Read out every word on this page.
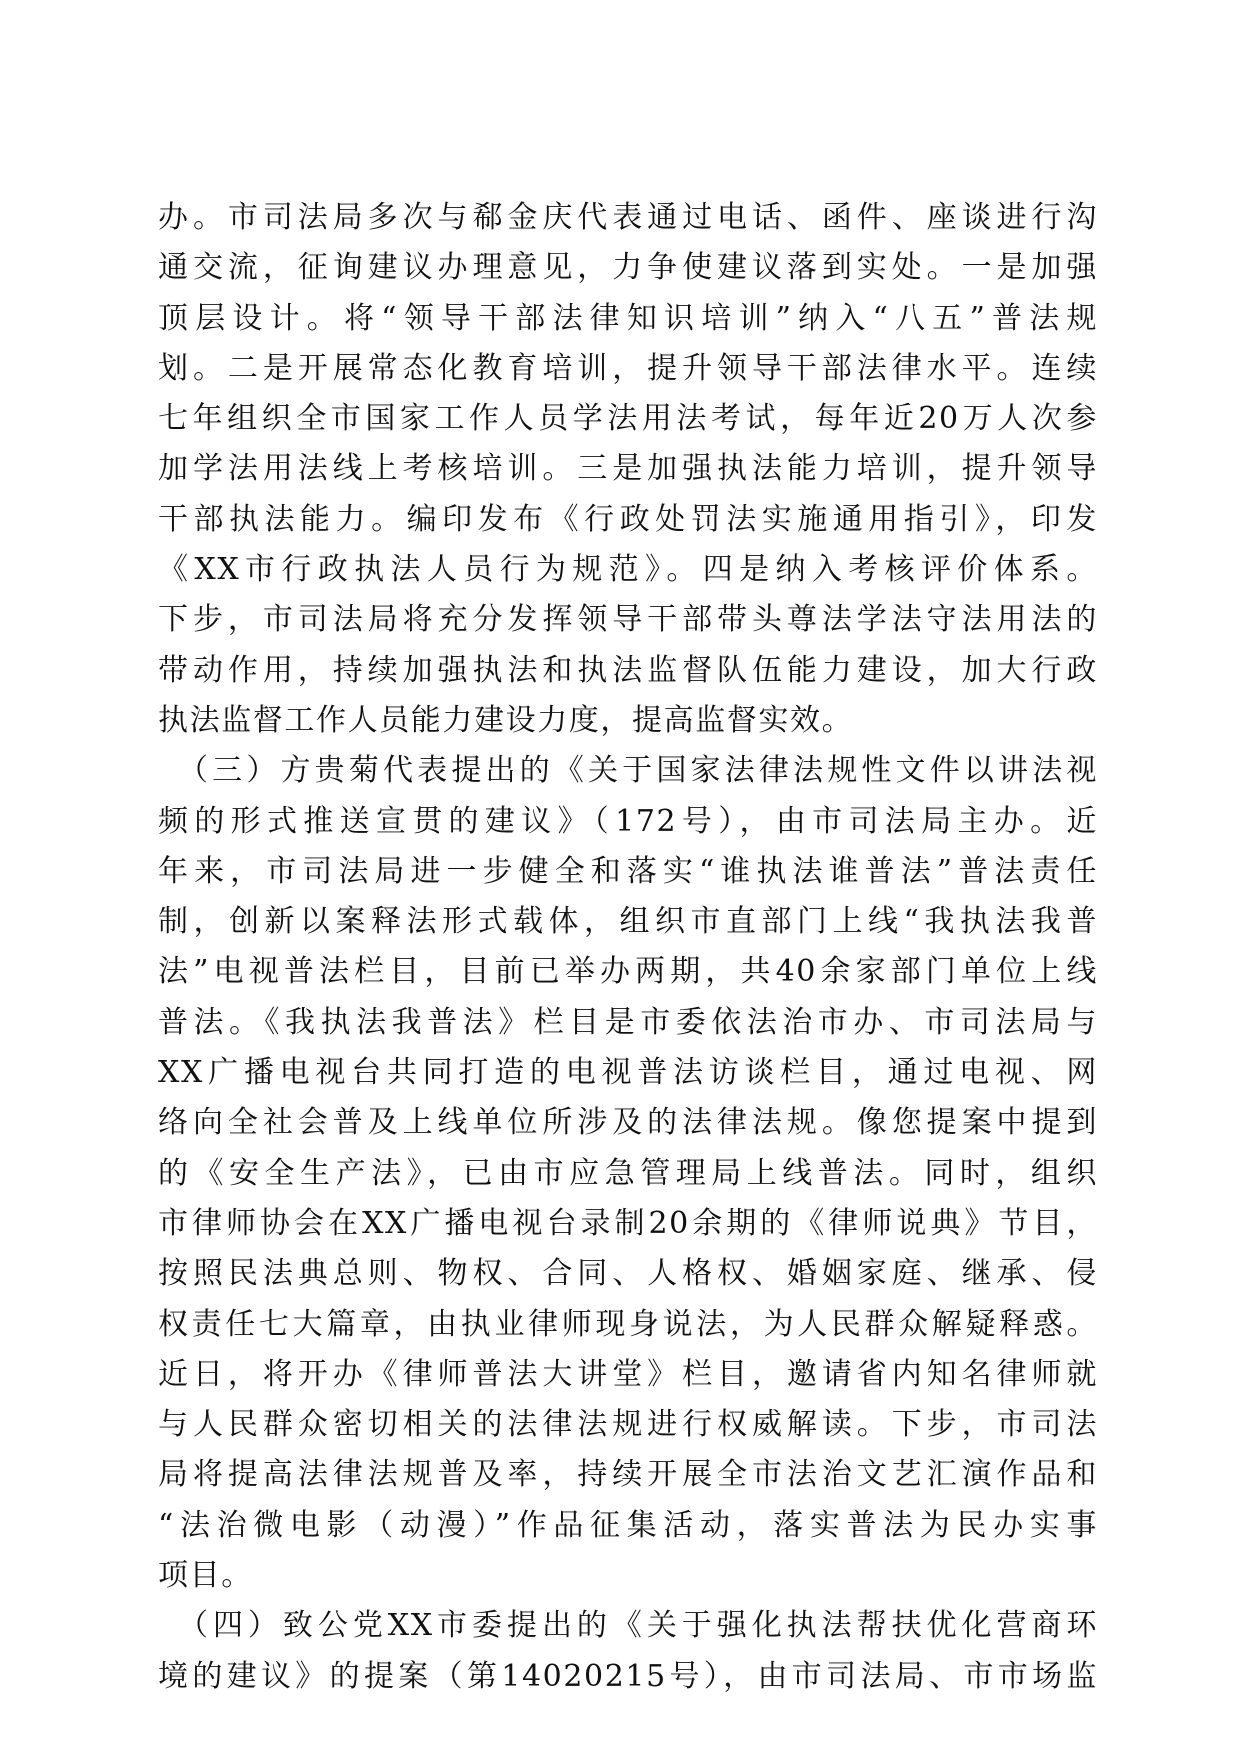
办。市司法局多次与郗金庆代表通过电话、函件、座谈进行沟
通交流，征询建议办理意见，力争使建议落到实处。一是加强
顶层设计。将“领导干部法律知识培训”纳入“八五”普法规
划。二是开展常态化教育培训，提升领导干部法律水平。连续
七年组织全市国家工作人员学法用法考试，每年近20万人次参
加学法用法线上考核培训。三是加强执法能力培训，提升领导
干部执法能力。编印发布《行政处罚法实施通用指引》，印发
《XX市行政执法人员行为规范》。四是纳入考核评价体系。
下步，市司法局将充分发挥领导干部带头尊法学法守法用法的
带动作用，持续加强执法和执法监督队伍能力建设，加大行政
执法监督工作人员能力建设力度，提高监督实效。
（三）方贵菊代表提出的《关于国家法律法规性文件以讲法视
频的形式推送宣贯的建议》（172号），由市司法局主办。近
年来，市司法局进一步健全和落实“谁执法谁普法”普法责任
制，创新以案释法形式载体，组织市直部门上线“我执法我普
法”电视普法栏目，目前已举办两期，共40余家部门单位上线
普法。《我执法我普法》栏目是市委依法治市办、市司法局与
XX广播电视台共同打造的电视普法访谈栏目，通过电视、网
络向全社会普及上线单位所涉及的法律法规。像您提案中提到
的《安全生产法》，已由市应急管理局上线普法。同时，组织
市律师协会在XX广播电视台录制20余期的《律师说典》节目，
按照民法典总则、物权、合同、人格权、婚姻家庭、继承、侵
权责任七大篇章，由执业律师现身说法，为人民群众解疑释惑。
近日，将开办《律师普法大讲堂》栏目，邀请省内知名律师就
与人民群众密切相关的法律法规进行权威解读。下步，市司法
局将提高法律法规普及率，持续开展全市法治文艺汇演作品和
“法治微电影（动漫）”作品征集活动，落实普法为民办实事
项目。
（四）致公党XX市委提出的《关于强化执法帮扶优化营商环
境的建议》的提案（第14020215号），由市司法局、市市场监
